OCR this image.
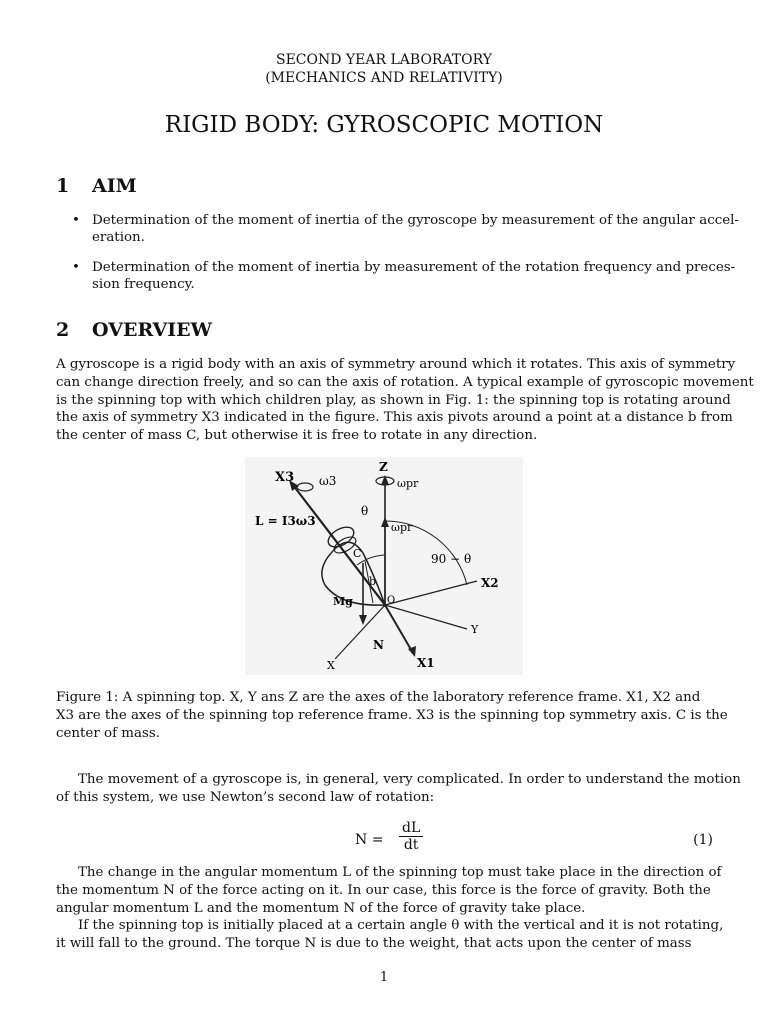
SECOND YEAR LABORATORY
(MECHANICS AND RELATIVITY)
RIGID BODY: GYROSCOPIC MOTION
1 AIM
• Determination of the moment of inertia of the gyroscope by measurement of the angular accel-
eration.
• Determination of the moment of inertia by measurement of the rotation frequency and preces-
sion frequency.
2 OVERVIEW
A gyroscope is a rigid body with an axis of symmetry around which it rotates. This axis of symmetry
can change direction freely, and so can the axis of rotation. A typical example of gyroscopic movement
is the spinning top with which children play, as shown in Fig. 1: the spinning top is rotating around
the axis of symmetry X3 indicated in the figure. This axis pivots around a point at a distance b from
the center of mass C, but otherwise it is free to rotate in any direction.
X3 ω3
Z
ωpr
θ
L = I3ω3	ωpr
C	90 − θ
X2
b
Mg	O
Y
N
X	X1
Figure 1: A spinning top. X, Y ans Z are the axes of the laboratory reference frame. X1, X2 and
X3 are the axes of the spinning top reference frame. X3 is the spinning top symmetry axis. C is the
center of mass.
The movement of a gyroscope is, in general, very complicated. In order to understand the motion
of this system, we use Newton’s second law of rotation:
N =
dL
dt	(1)
The change in the angular momentum L of the spinning top must take place in the direction of
the momentum N of the force acting on it. In our case, this force is the force of gravity. Both the
angular momentum L and the momentum N of the force of gravity take place.
If the spinning top is initially placed at a certain angle θ with the vertical and it is not rotating,
it will fall to the ground. The torque N is due to the weight, that acts upon the center of mass
1
